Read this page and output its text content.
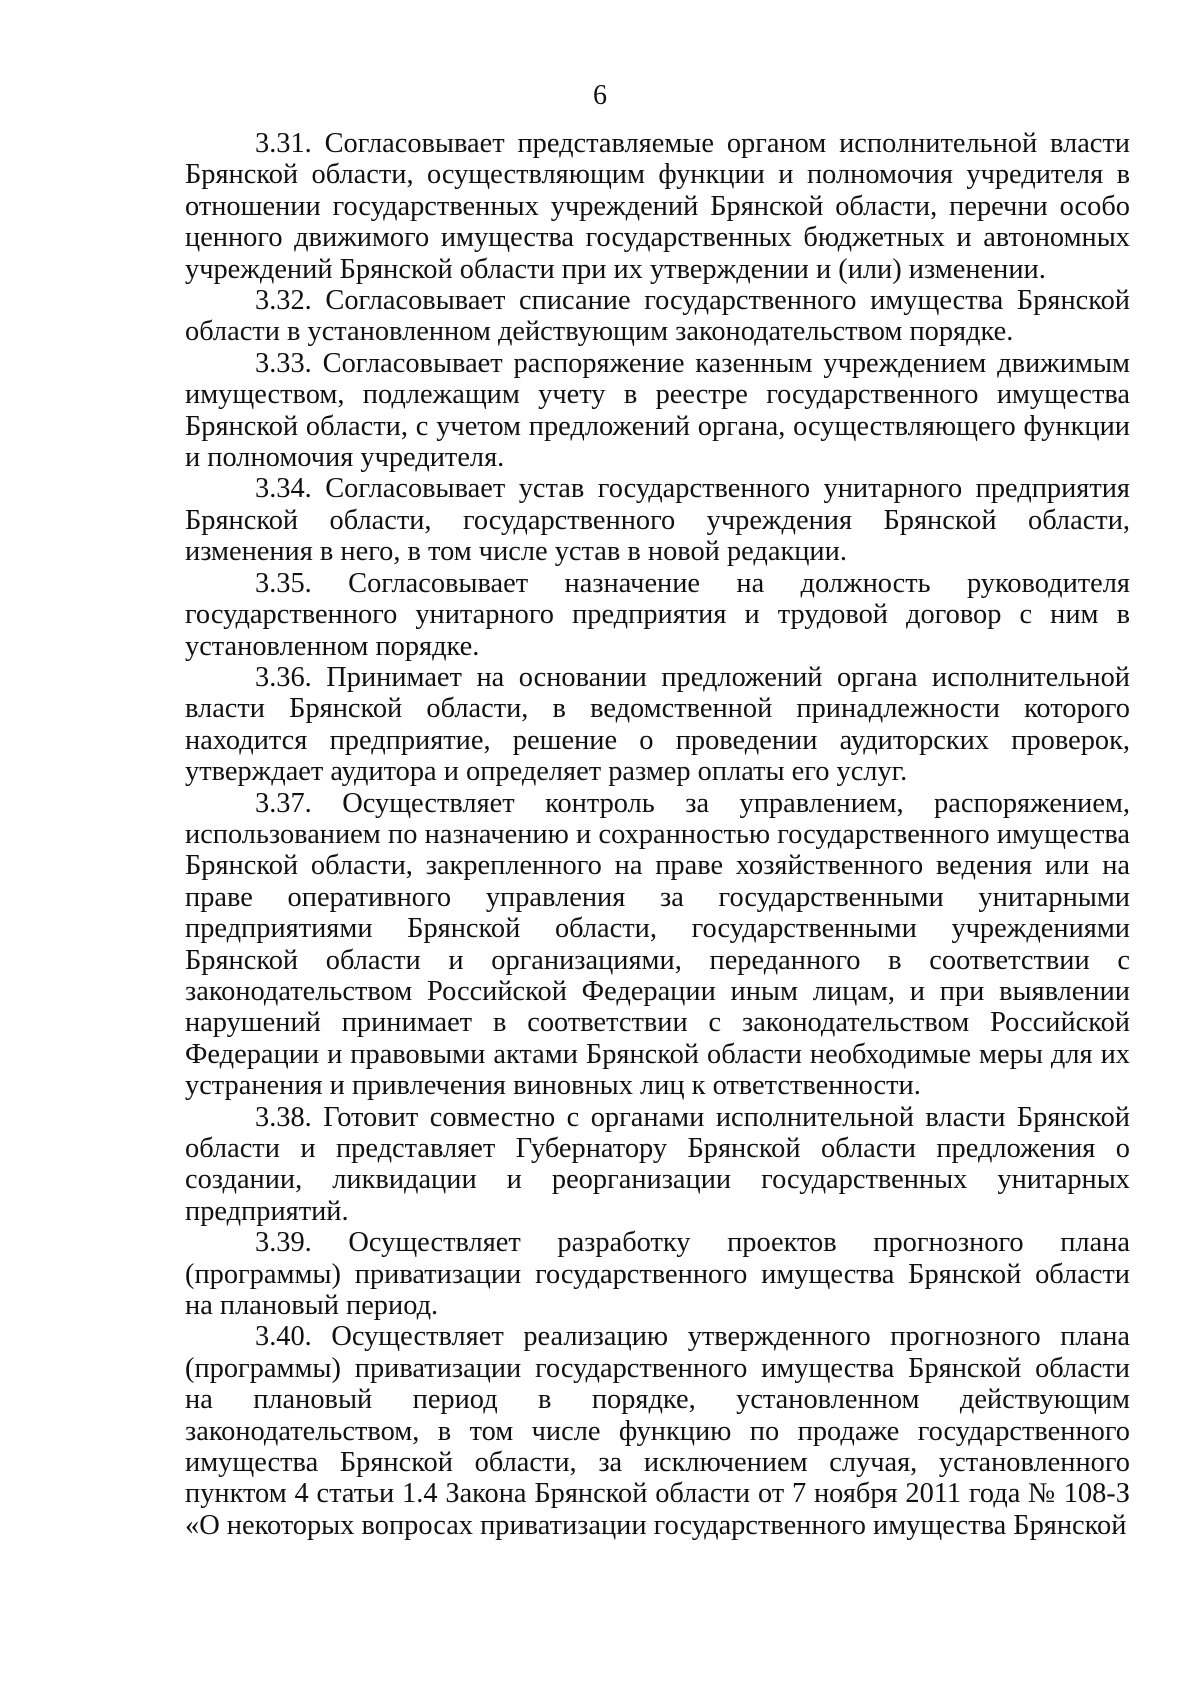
6

3.31. Согласовывает представляемые органом исполнительной власти Брянской области, осуществляющим функции и полномочия учредителя в отношении государственных учреждений Брянской области, перечни особо ценного движимого имущества государственных бюджетных и автономных учреждений Брянской области при их утверждении и (или) изменении.

3.32. Согласовывает списание государственного имущества Брянской области в установленном действующим законодательством порядке.

3.33. Согласовывает распоряжение казенным учреждением движимым имуществом, подлежащим учету в реестре государственного имущества Брянской области, с учетом предложений органа, осуществляющего функции и полномочия учредителя.

3.34. Согласовывает устав государственного унитарного предприятия Брянской области, государственного учреждения Брянской области, изменения в него, в том числе устав в новой редакции.

3.35. Согласовывает назначение на должность руководителя государственного унитарного предприятия и трудовой договор с ним в установленном порядке.

3.36. Принимает на основании предложений органа исполнительной власти Брянской области, в ведомственной принадлежности которого находится предприятие, решение о проведении аудиторских проверок, утверждает аудитора и определяет размер оплаты его услуг.

3.37. Осуществляет контроль за управлением, распоряжением, использованием по назначению и сохранностью государственного имущества Брянской области, закрепленного на праве хозяйственного ведения или на праве оперативного управления за государственными унитарными предприятиями Брянской области, государственными учреждениями Брянской области и организациями, переданного в соответствии с законодательством Российской Федерации иным лицам, и при выявлении нарушений принимает в соответствии с законодательством Российской Федерации и правовыми актами Брянской области необходимые меры для их устранения и привлечения виновных лиц к ответственности.

3.38. Готовит совместно с органами исполнительной власти Брянской области и представляет Губернатору Брянской области предложения о создании, ликвидации и реорганизации государственных унитарных предприятий.

3.39. Осуществляет разработку проектов прогнозного плана (программы) приватизации государственного имущества Брянской области на плановый период.

3.40. Осуществляет реализацию утвержденного прогнозного плана (программы) приватизации государственного имущества Брянской области на плановый период в порядке, установленном действующим законодательством, в том числе функцию по продаже государственного имущества Брянской области, за исключением случая, установленного пунктом 4 статьи 1.4 Закона Брянской области от 7 ноября 2011 года № 108-З «О некоторых вопросах приватизации государственного имущества Брянской
